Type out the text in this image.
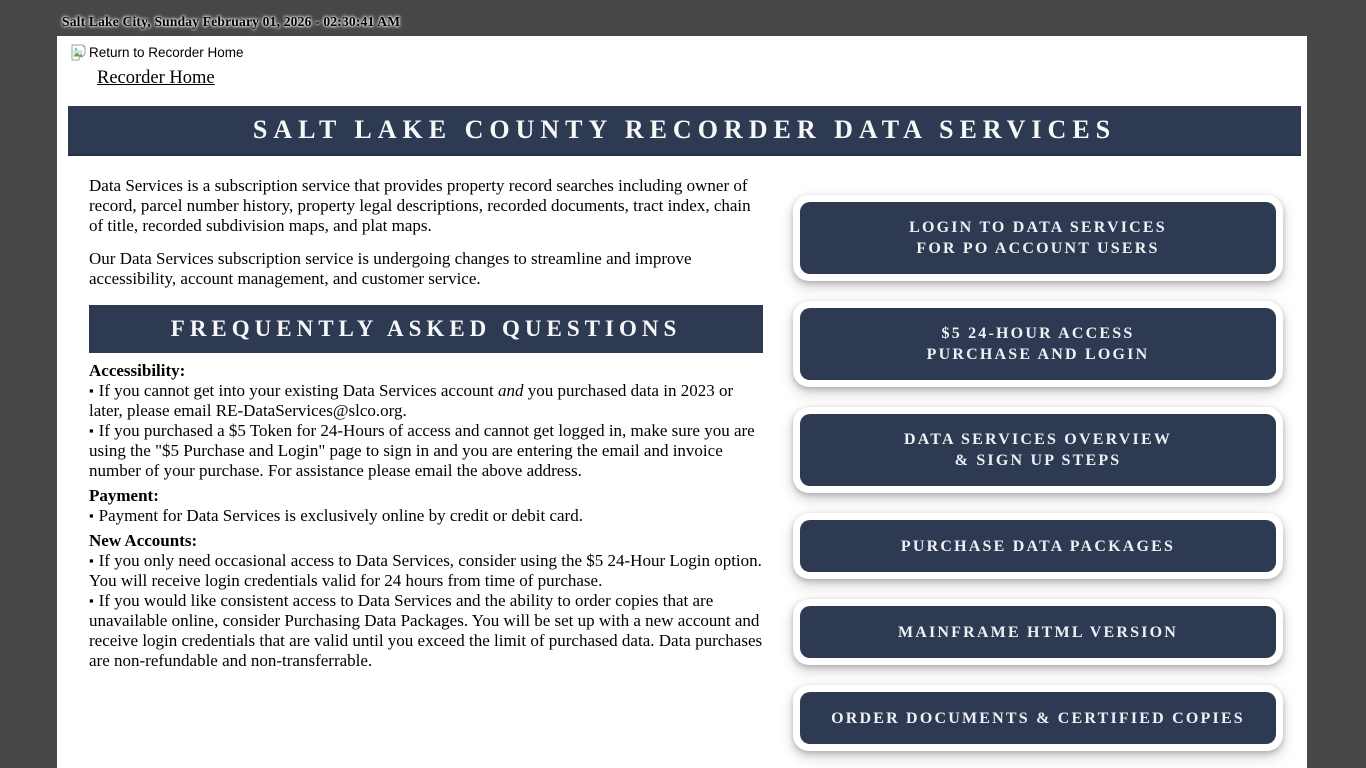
Salt Lake City, Sunday February 01, 2026 - 02:30:41 AM
Return to Recorder Home
Recorder Home
SALT LAKE COUNTY RECORDER DATA SERVICES

Data Services is a subscription service that provides property record searches including owner of record, parcel number history, property legal descriptions, recorded documents, tract index, chain of title, recorded subdivision maps, and plat maps.

Our Data Services subscription service is undergoing changes to streamline and improve accessibility, account management, and customer service.

FREQUENTLY ASKED QUESTIONS
Accessibility:
▪ If you cannot get into your existing Data Services account and you purchased data in 2023 or later, please email RE-DataServices@slco.org.
▪ If you purchased a $5 Token for 24-Hours of access and cannot get logged in, make sure you are using the "$5 Purchase and Login" page to sign in and you are entering the email and invoice number of your purchase. For assistance please email the above address.
Payment:
▪ Payment for Data Services is exclusively online by credit or debit card.
New Accounts:
▪ If you only need occasional access to Data Services, consider using the $5 24-Hour Login option. You will receive login credentials valid for 24 hours from time of purchase.
▪ If you would like consistent access to Data Services and the ability to order copies that are unavailable online, consider Purchasing Data Packages. You will be set up with a new account and receive login credentials that are valid until you exceed the limit of purchased data. Data purchases are non-refundable and non-transferrable.
LOGIN TO DATA SERVICES
FOR PO ACCOUNT USERS
$5 24-HOUR ACCESS
PURCHASE AND LOGIN
DATA SERVICES OVERVIEW
& SIGN UP STEPS
PURCHASE DATA PACKAGES
MAINFRAME HTML VERSION
ORDER DOCUMENTS & CERTIFIED COPIES
